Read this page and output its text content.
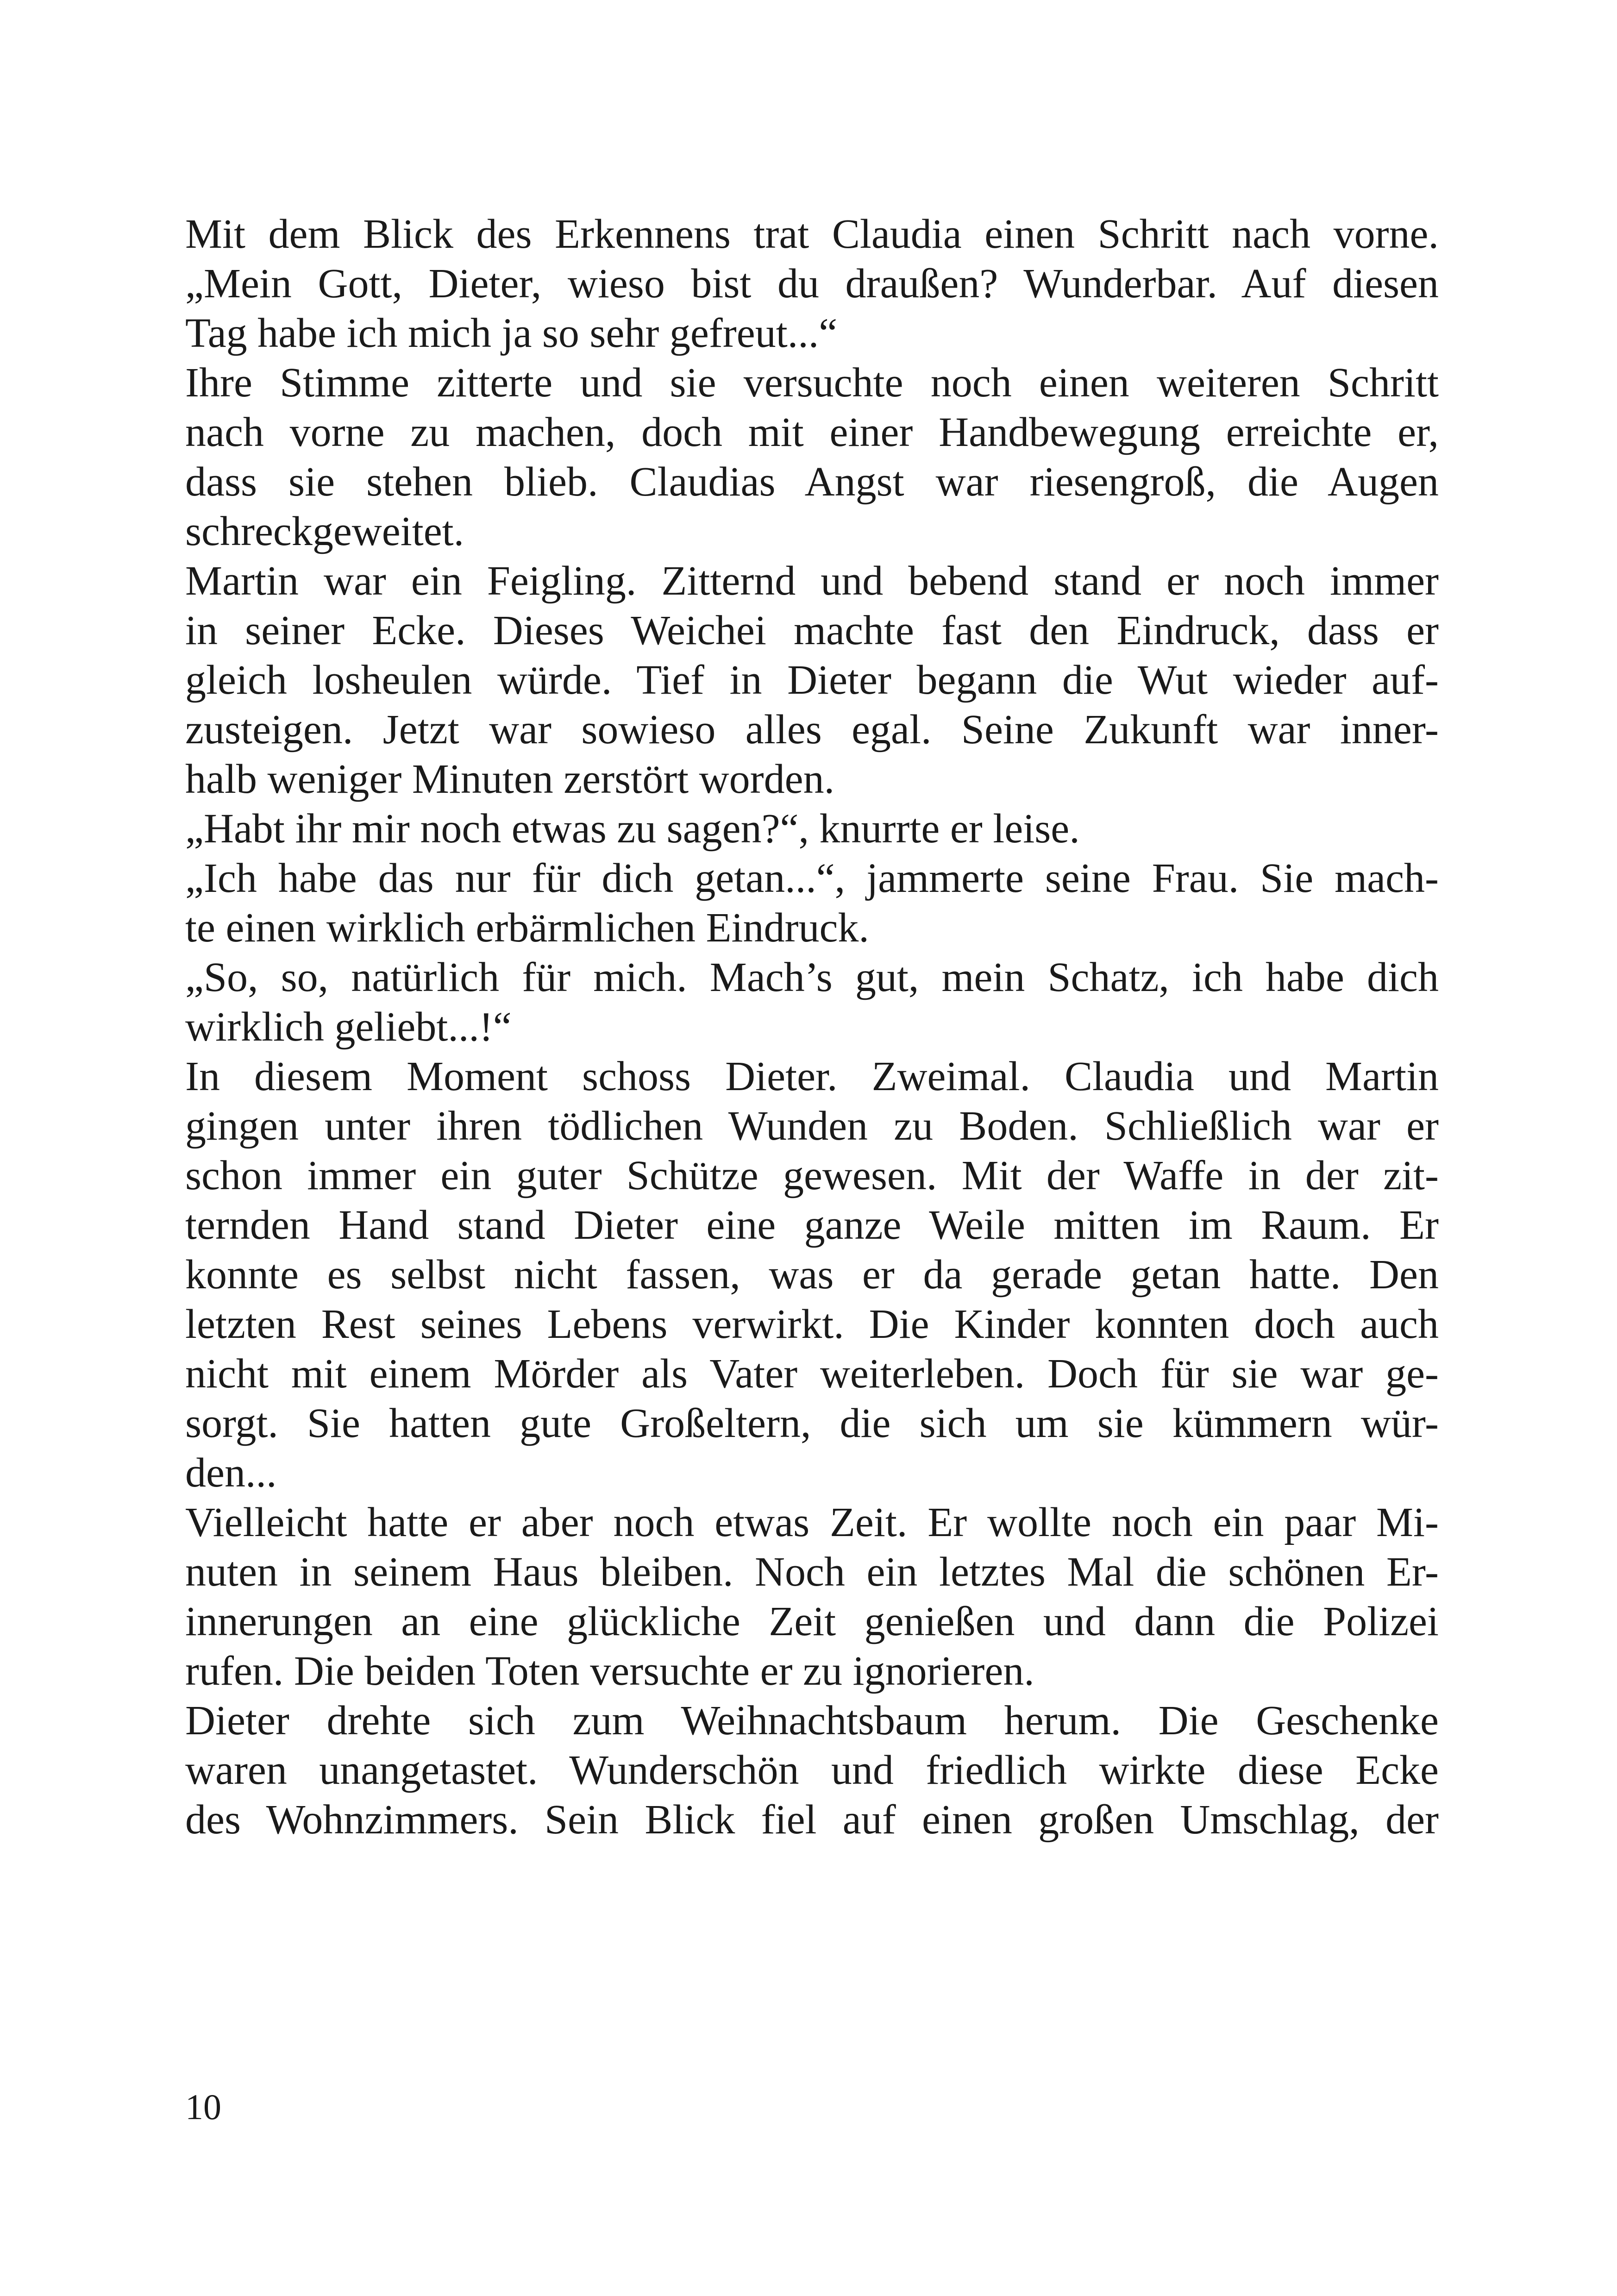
Mit dem Blick des Erkennens trat Claudia einen Schritt nach vorne.
„Mein Gott, Dieter, wieso bist du draußen? Wunderbar. Auf diesen
Tag habe ich mich ja so sehr gefreut...“
Ihre Stimme zitterte und sie versuchte noch einen weiteren Schritt
nach vorne zu machen, doch mit einer Handbewegung erreichte er,
dass sie stehen blieb. Claudias Angst war riesengroß, die Augen
schreckgeweitet.
Martin war ein Feigling. Zitternd und bebend stand er noch immer
in seiner Ecke. Dieses Weichei machte fast den Eindruck, dass er
gleich losheulen würde. Tief in Dieter begann die Wut wieder auf-
zusteigen. Jetzt war sowieso alles egal. Seine Zukunft war inner-
halb weniger Minuten zerstört worden.
„Habt ihr mir noch etwas zu sagen?“, knurrte er leise.
„Ich habe das nur für dich getan...“, jammerte seine Frau. Sie mach-
te einen wirklich erbärmlichen Eindruck.
„So, so, natürlich für mich. Mach’s gut, mein Schatz, ich habe dich
wirklich geliebt...!“
In diesem Moment schoss Dieter. Zweimal. Claudia und Martin
gingen unter ihren tödlichen Wunden zu Boden. Schließlich war er
schon immer ein guter Schütze gewesen. Mit der Waffe in der zit-
ternden Hand stand Dieter eine ganze Weile mitten im Raum. Er
konnte es selbst nicht fassen, was er da gerade getan hatte. Den
letzten Rest seines Lebens verwirkt. Die Kinder konnten doch auch
nicht mit einem Mörder als Vater weiterleben. Doch für sie war ge-
sorgt. Sie hatten gute Großeltern, die sich um sie kümmern wür-
den...
Vielleicht hatte er aber noch etwas Zeit. Er wollte noch ein paar Mi-
nuten in seinem Haus bleiben. Noch ein letztes Mal die schönen Er-
innerungen an eine glückliche Zeit genießen und dann die Polizei
rufen. Die beiden Toten versuchte er zu ignorieren.
Dieter drehte sich zum Weihnachtsbaum herum. Die Geschenke
waren unangetastet. Wunderschön und friedlich wirkte diese Ecke
des Wohnzimmers. Sein Blick fiel auf einen großen Umschlag, der
10
